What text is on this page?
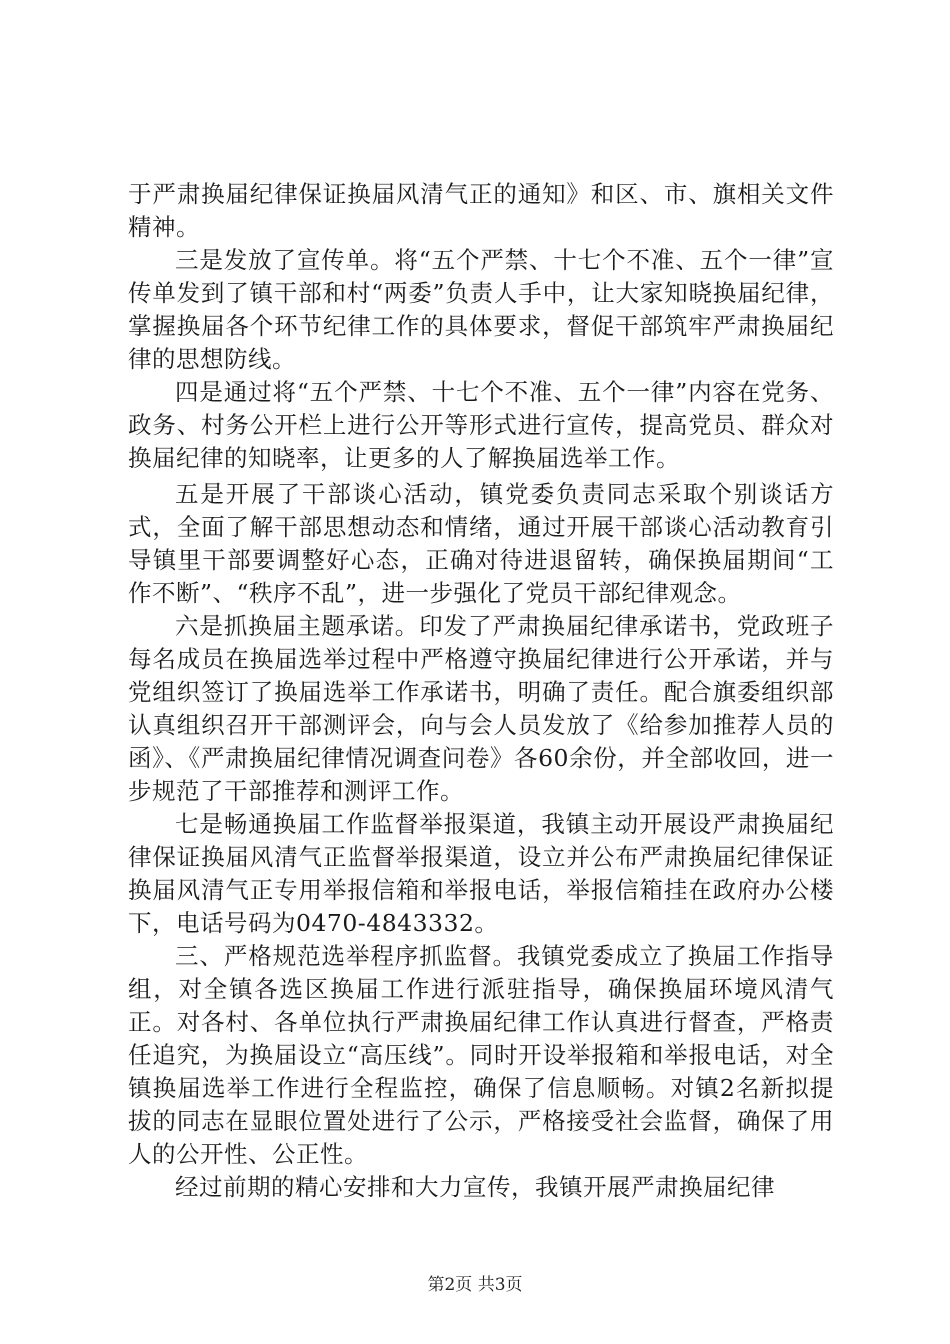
于严肃换届纪律保证换届风清气正的通知》和区、市、旗相关文件精神。

三是发放了宣传单。将“五个严禁、十七个不准、五个一律”宣传单发到了镇干部和村“两委”负责人手中，让大家知晓换届纪律，掌握换届各个环节纪律工作的具体要求，督促干部筑牢严肃换届纪律的思想防线。

四是通过将“五个严禁、十七个不准、五个一律”内容在党务、政务、村务公开栏上进行公开等形式进行宣传，提高党员、群众对换届纪律的知晓率，让更多的人了解换届选举工作。

五是开展了干部谈心活动，镇党委负责同志采取个别谈话方式，全面了解干部思想动态和情绪，通过开展干部谈心活动教育引导镇里干部要调整好心态，正确对待进退留转，确保换届期间“工作不断”、“秩序不乱”，进一步强化了党员干部纪律观念。

六是抓换届主题承诺。印发了严肃换届纪律承诺书，党政班子每名成员在换届选举过程中严格遵守换届纪律进行公开承诺，并与党组织签订了换届选举工作承诺书，明确了责任。配合旗委组织部认真组织召开干部测评会，向与会人员发放了《给参加推荐人员的函》、《严肃换届纪律情况调查问卷》各60余份，并全部收回，进一步规范了干部推荐和测评工作。

七是畅通换届工作监督举报渠道，我镇主动开展设严肃换届纪律保证换届风清气正监督举报渠道，设立并公布严肃换届纪律保证换届风清气正专用举报信箱和举报电话，举报信箱挂在政府办公楼下，电话号码为0470-4843332。

三、严格规范选举程序抓监督。我镇党委成立了换届工作指导组，对全镇各选区换届工作进行派驻指导，确保换届环境风清气正。对各村、各单位执行严肃换届纪律工作认真进行督查，严格责任追究，为换届设立“高压线”。同时开设举报箱和举报电话，对全镇换届选举工作进行全程监控，确保了信息顺畅。对镇2名新拟提拔的同志在显眼位置处进行了公示，严格接受社会监督，确保了用人的公开性、公正性。

经过前期的精心安排和大力宣传，我镇开展严肃换届纪律

第2页 共3页
